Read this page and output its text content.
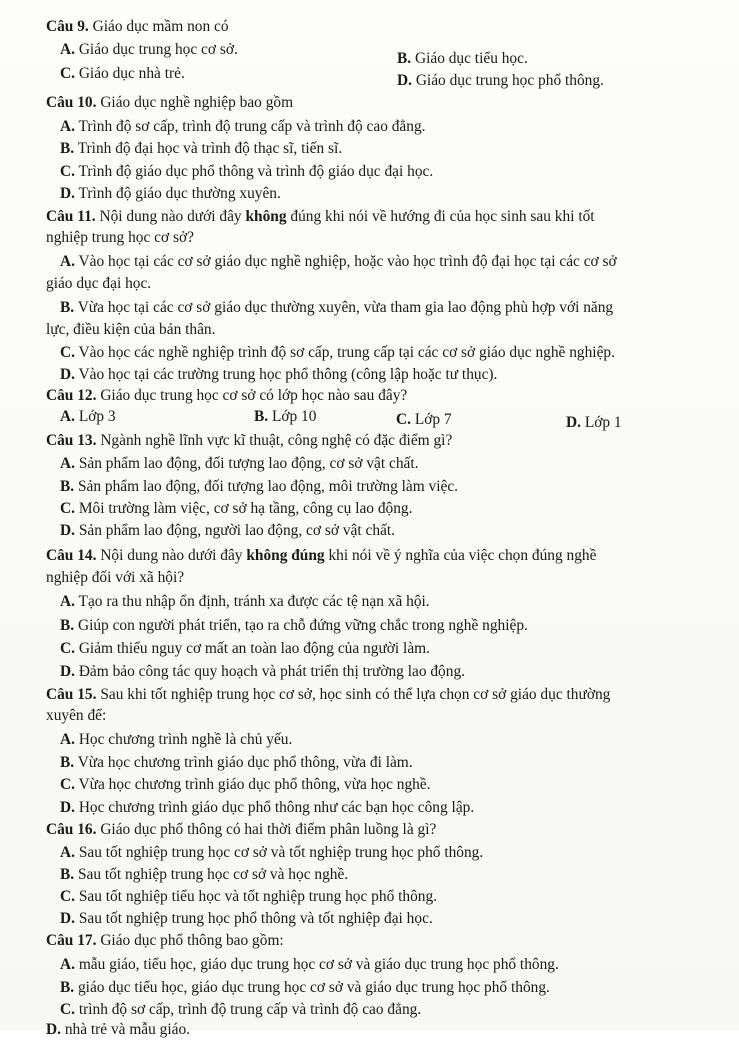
Câu 9. Giáo dục mầm non có
A. Giáo dục trung học cơ sở.
B. Giáo dục tiểu học.
C. Giáo dục nhà trẻ.	D. Giáo dục trung học phổ thông.
Câu 10. Giáo dục nghề nghiệp bao gồm
A. Trình độ sơ cấp, trình độ trung cấp và trình độ cao đẳng.
B. Trình độ đại học và trình độ thạc sĩ, tiến sĩ.
C. Trình độ giáo dục phổ thông và trình độ giáo dục đại học.
D. Trình độ giáo dục thường xuyên.
Câu 11. Nội dung nào dưới đây không đúng khi nói về hướng đi của học sinh sau khi tốt
nghiệp trung học cơ sở?
A. Vào học tại các cơ sở giáo dục nghề nghiệp, hoặc vào học trình độ đại học tại các cơ sở
giáo dục đại học.
B. Vừa học tại các cơ sở giáo dục thường xuyên, vừa tham gia lao động phù hợp với năng
lực, điều kiện của bản thân.
C. Vào học các nghề nghiệp trình độ sơ cấp, trung cấp tại các cơ sở giáo dục nghề nghiệp.
D. Vào học tại các trường trung học phổ thông (công lập hoặc tư thục).
Câu 12. Giáo dục trung học cơ sở có lớp học nào sau đây?
A. Lớp 3	B. Lớp 10	C. Lớp 7	D. Lớp 1
Câu 13. Ngành nghề lĩnh vực kĩ thuật, công nghệ có đặc điểm gì?
A. Sản phẩm lao động, đối tượng lao động, cơ sở vật chất.
B. Sản phẩm lao động, đối tượng lao động, môi trường làm việc.
C. Môi trường làm việc, cơ sở hạ tầng, công cụ lao động.
D. Sản phẩm lao động, người lao động, cơ sở vật chất.
Câu 14. Nội dung nào dưới đây không đúng khi nói về ý nghĩa của việc chọn đúng nghề
nghiệp đối với xã hội?
A. Tạo ra thu nhập ổn định, tránh xa được các tệ nạn xã hội.
B. Giúp con người phát triển, tạo ra chỗ đứng vững chắc trong nghề nghiệp.
C. Giảm thiểu nguy cơ mất an toàn lao động của người làm.
D. Đảm bảo công tác quy hoạch và phát triển thị trường lao động.
Câu 15. Sau khi tốt nghiệp trung học cơ sở, học sinh có thể lựa chọn cơ sở giáo dục thường
xuyên để:
A. Học chương trình nghề là chủ yếu.
B. Vừa học chương trình giáo dục phổ thông, vừa đi làm.
C. Vừa học chương trình giáo dục phổ thông, vừa học nghề.
D. Học chương trình giáo dục phổ thông như các bạn học công lập.
Câu 16. Giáo dục phổ thông có hai thời điểm phân luồng là gì?
A. Sau tốt nghiệp trung học cơ sở và tốt nghiệp trung học phổ thông.
B. Sau tốt nghiệp trung học cơ sở và học nghề.
C. Sau tốt nghiệp tiểu học và tốt nghiệp trung học phổ thông.
D. Sau tốt nghiệp trung học phổ thông và tốt nghiệp đại học.
Câu 17. Giáo dục phổ thông bao gồm:
A. mẫu giáo, tiểu học, giáo dục trung học cơ sở và giáo dục trung học phổ thông.
B. giáo dục tiểu học, giáo dục trung học cơ sở và giáo dục trung học phổ thông.
C. trình độ sơ cấp, trình độ trung cấp và trình độ cao đẳng.
D. nhà trẻ và mẫu giáo.
